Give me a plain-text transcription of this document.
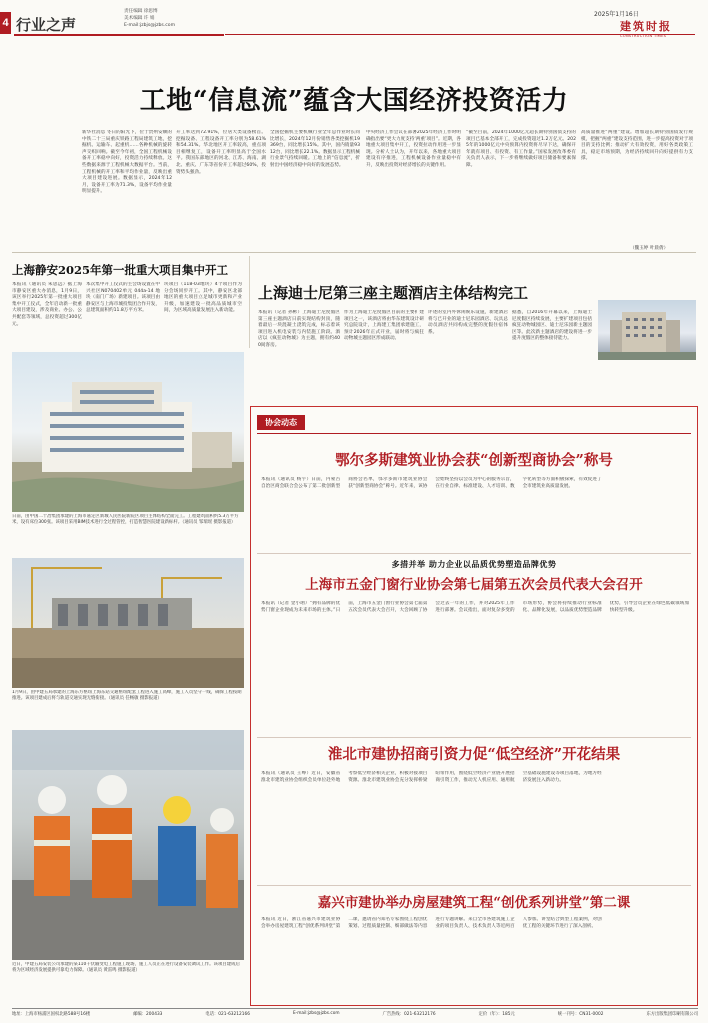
4 行业之声
责任编辑 徐思博
美术编辑 许 娟
E-mail:jzbjs@jzbs.com
2025年1月16日
建筑时报
CONSTRUCTION TIMES
工地“信息流”蕴含大国经济投资活力
新华社消息 冬日的阳光下，位于贵州安顺的中铁二十三局重庆铁路工程局建筑工地，挖掘机、运输车、起重机……各种机械的旋转声交织回响。截至今年初，全国工程机械设备开工率稳中向好，投资活力持续释放。这些数据来源于工程机械大数据平台。当前，工程机械的开工率和平均作业量，反映出重大项目建设进展。数据显示，2024年12月，设备开工率为71.3%，设备平均作业量明显提升。
开工率达到72.91%，位居大类设备榜首。挖掘设备、工程设备开工率分别为58.61%和54.31%。华北地区开工率较高，重点项目相继复工，设备开工率明显高于全国水平。我国东部地区的河北、江苏、海南、湖北、重庆、广东等省份开工率超过60%，投资势头强劲。
全国挖掘机主要机械行业全年总作业时长同比增长，2024年12月份销售各类挖掘机19369台，同比增长15%。其中，国内销量9312台，同比增长22.1%。数据显示工程机械行业景气持续回暖。工地上的“信息流”，折射出中国经济稳中向好的发展态势。
中央经济工作会议在部署2025年经济工作时明确指出要“更大力度支持‘两重’项目”。近期，各地重大项目集中开工，投资拉动作用进一步显现。分析人士认为，开年以来，各地重大项目建设有序推进，工程机械设备作业量稳中有升，反映出投资对经济增长的关键作用。
“截至目前，2024年1000亿元超长期特别国债支持的项目已基本全部开工，完成投资超过1.2万亿元。2025年的1000亿元中央预算内投资将尽早下达，确保开年就有项目、有投资、有工作量。”国家发展改革委有关负责人表示，下一步将继续做好项目储备和要素保障。
高质量推进“两重”建设。增加超长期特别国债发行规模，把握“两重”建设支持范围，进一步提高投资对于项目的支持比例；推动扩大有效投资，用好各类政策工具，稳定市场预期，为经济持续回升向好提供有力支撑。
（魏玉婷 叶晨倩）
上海静安2025年第一批重大项目集中开工
本报讯（通讯员 朱思远）据上海市静安区重大办消息，1月9日，该区举行2025年第一批重大项目集中开工仪式，全年启动新一批重大项目建设，涉及商业、办公、公共配套等领域，总投资超过300亿元。
本次集中开工仪式的主会场设置在中兴社区N070402单元 044a-14 地块（南门广场）新建项目。该项目由静安区与上海市城投集团合作开发，总建筑面积约11.8万平方米。
块项目（118-03地块）4个项目作为分会场同步开工。其中，静安区北部地区的重大项目立足城市更新和产业升级，加速建设一批高品质城市空间，为区域高质量发展注入新动能。
上海迪士尼第三座主题酒店主体结构完工
本报讯（记者 孙彬）上海迪士尼度假区第三座主题酒店日前实现结构封顶，随着最后一块混凝土浇筑完成，标志着该项目进入机电安装与内装施工阶段。酒店以《疯狂动物城》为主题，拥有约400间客房。
作为上海迪士尼度假区目前的主要扩建项目之一，该酒店将由华东建筑设计研究总院设计，上海建工集团承建施工，预计2026年正式开业，届时将与疯狂动物城主题园区形成联动。
评述的室内外休闲娱乐设施，新建酒店将与已开业的迪士尼乐园酒店、玩具总动员酒店共同构成完整的度假住宿体系。
据悉，自2016年开幕以来，上海迪士尼度假区持续发展，主要扩建项目包括疯狂动物城园区、迪士尼乐园新主题园区等。此次新主题酒店的建设将进一步提升度假区的整体接待能力。
日前，由中国二十冶集团承建的上海市嘉定区新城人民医院新院区项目主体结构全面完工。工程建筑面积约5.3万平方米，设有床位300张。该项目采用BIM技术进行全过程管控，打造智慧医院建设新标杆。（通讯员 邹瑞瑶 摄影报道）
1月9日，由中建五局承建的上海东方枢纽上海东站交通枢纽配套工程进入施工高峰，施工人员坚守一线，确保工程按期推进。该项目建成后将与轨道交通实现无缝衔接。（通讯员 任畅敏 摄影报道）
近日，中建五局安装公司承建的某110千伏输变电工程施工现场，施工人员正在进行设备安装调试工作。该项目建成后将为区域经济发展提供可靠电力保障。（通讯员 黄雷鸣 摄影报道）
协会动态
鄂尔多斯建筑业协会获“创新型商协会”称号
本报讯（通讯员 杨宇）日前，内蒙古自治区商会联合会公布了第二批创新型商协会名单，鄂尔多斯市建筑业协会获“创新型商协会”称号。近年来，该协会始终坚持以会员为中心的服务宗旨，在行业自律、标准建设、人才培训、数字化转型等方面积极探索，有效促进了全市建筑业高质量发展。
多措并举 助力企业以品质优势塑造品牌优势
上海市五金门窗行业协会第七届第五次会员代表大会召开
本报讯（记者 金小翊）“拥有品牌的优势门窗企业现成为未来市场的主体。”日前，上海市五金门窗行业协会第七届第五次会员代表大会召开，大会回顾了协会过去一年的工作，并对2025年工作进行部署。会议指出，面对复杂多变的市场形势，协会将持续推动行业标准化、品牌化发展，以品质优势塑造品牌优势，引导会员企业在绿色低碳领域加快转型升级。
淮北市建协招商引资力促“低空经济”开花结果
本报讯（通讯员 王峥）近日，安徽省淮北市建筑业协会组织会员单位赴外地考察低空经济相关企业，积极对接项目资源。淮北市建筑业协会充分发挥桥梁纽带作用，围绕低空经济产业链开展招商引资工作，推动无人机应用、通用航空基础设施建设等项目落地，为地方经济发展注入新动力。
嘉兴市建协举办房屋建筑工程“创优系列讲堂”第二课
本报讯 近日，浙江省嘉兴市建筑业协会举办房屋建筑工程“创优系列讲堂”第二课，邀请省内知名专家围绕工程创优策划、过程质量控制、细部做法等内容进行专题讲解。来自全市各建筑施工企业的项目负责人、技术负责人等近两百人参加。讲堂结合典型工程案例，对创优工程的关键环节进行了深入剖析。
地址：上海市杨浦区国权北路588号16楼	邮编：200433	电话：021-63212166	E-mail:jzbs@jzbs.com	广告热线：021-63212176	定价（年）：185元	统一刊号：CN31-0002	东方出版集团印刷有限公司
